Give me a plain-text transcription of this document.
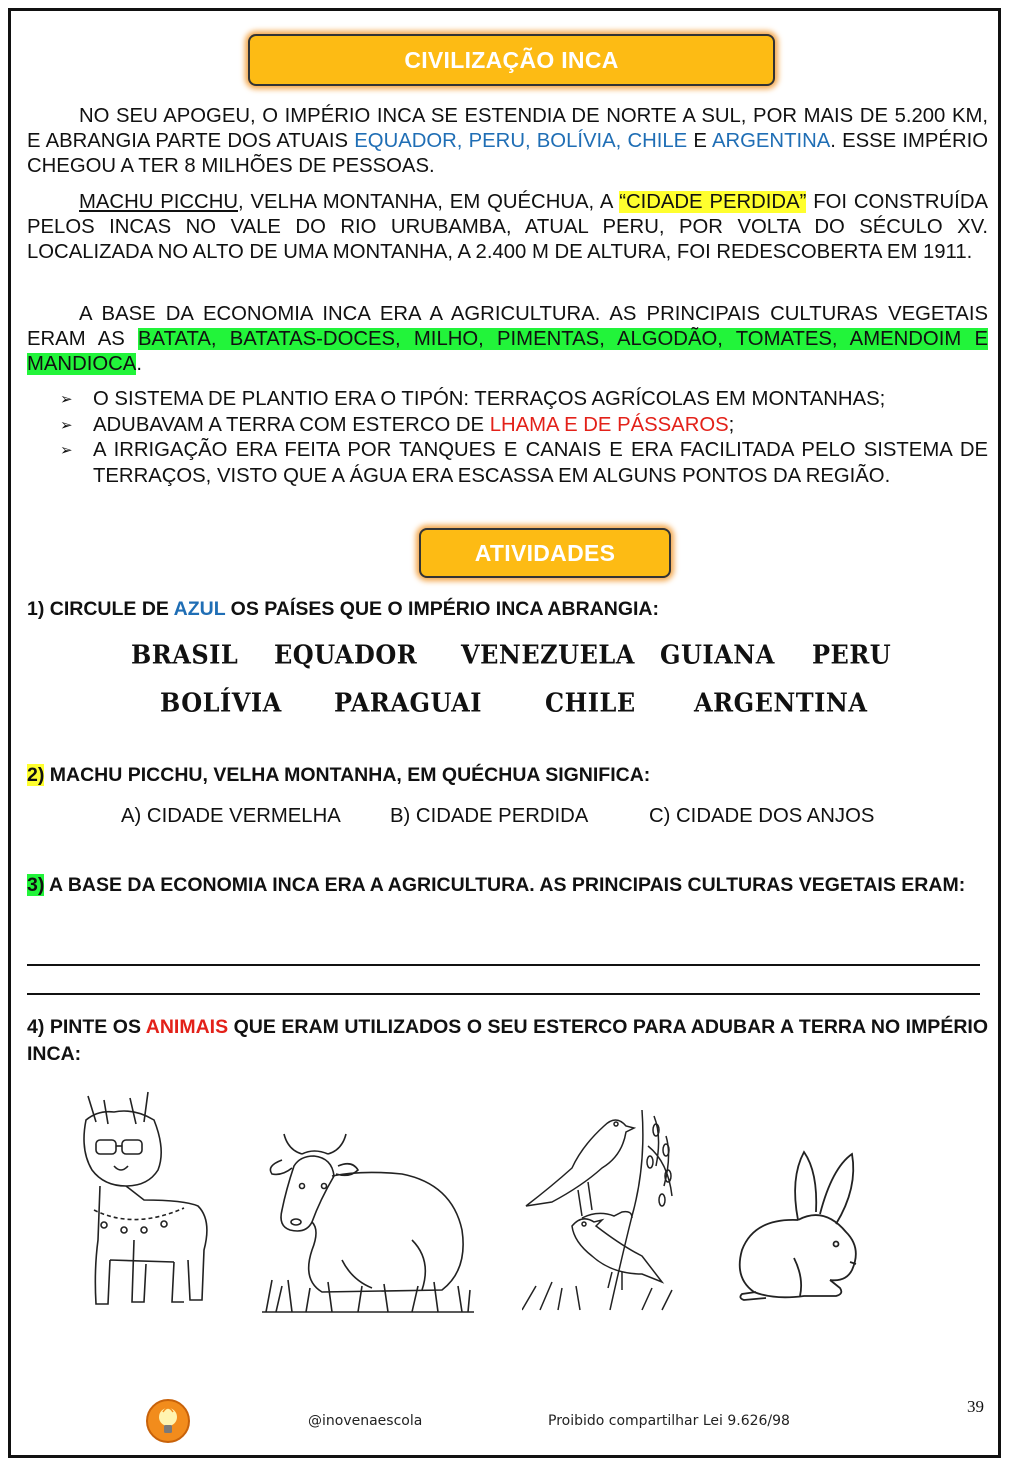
CIVILIZAÇÃO INCA

NO SEU APOGEU, O IMPÉRIO INCA SE ESTENDIA DE NORTE A SUL, POR MAIS DE 5.200 KM, E ABRANGIA PARTE DOS ATUAIS EQUADOR, PERU, BOLÍVIA, CHILE E ARGENTINA. ESSE IMPÉRIO CHEGOU A TER 8 MILHÕES DE PESSOAS.

MACHU PICCHU, VELHA MONTANHA, EM QUÉCHUA, A “CIDADE PERDIDA” FOI CONSTRUÍDA PELOS INCAS NO VALE DO RIO URUBAMBA, ATUAL PERU, POR VOLTA DO SÉCULO XV. LOCALIZADA NO ALTO DE UMA MONTANHA, A 2.400 M DE ALTURA, FOI REDESCOBERTA EM 1911.

A BASE DA ECONOMIA INCA ERA A AGRICULTURA. AS PRINCIPAIS CULTURAS VEGETAIS ERAM AS BATATA, BATATAS-DOCES, MILHO, PIMENTAS, ALGODÃO, TOMATES, AMENDOIM E MANDIOCA.

➢ O SISTEMA DE PLANTIO ERA O TIPÓN: TERRAÇOS AGRÍCOLAS EM MONTANHAS;
➢ ADUBAVAM A TERRA COM ESTERCO DE LHAMA E DE PÁSSAROS;
➢ A IRRIGAÇÃO ERA FEITA POR TANQUES E CANAIS E ERA FACILITADA PELO SISTEMA DE TERRAÇOS, VISTO QUE A ÁGUA ERA ESCASSA EM ALGUNS PONTOS DA REGIÃO.
ATIVIDADES

1) CIRCULE DE AZUL OS PAÍSES QUE O IMPÉRIO INCA ABRANGIA:

BRASIL EQUADOR VENEZUELA GUIANA PERU
BOLÍVIA PARAGUAI	CHILE ARGENTINA

2) MACHU PICCHU, VELHA MONTANHA, EM QUÉCHUA SIGNIFICA:

A) CIDADE VERMELHA B) CIDADE PERDIDA	C) CIDADE DOS ANJOS

3) A BASE DA ECONOMIA INCA ERA A AGRICULTURA. AS PRINCIPAIS CULTURAS VEGETAIS ERAM:

4) PINTE OS ANIMAIS QUE ERAM UTILIZADOS O SEU ESTERCO PARA ADUBAR A TERRA NO IMPÉRIO INCA:

@inovenaescola	Proibido compartilhar Lei 9.626/98
39
